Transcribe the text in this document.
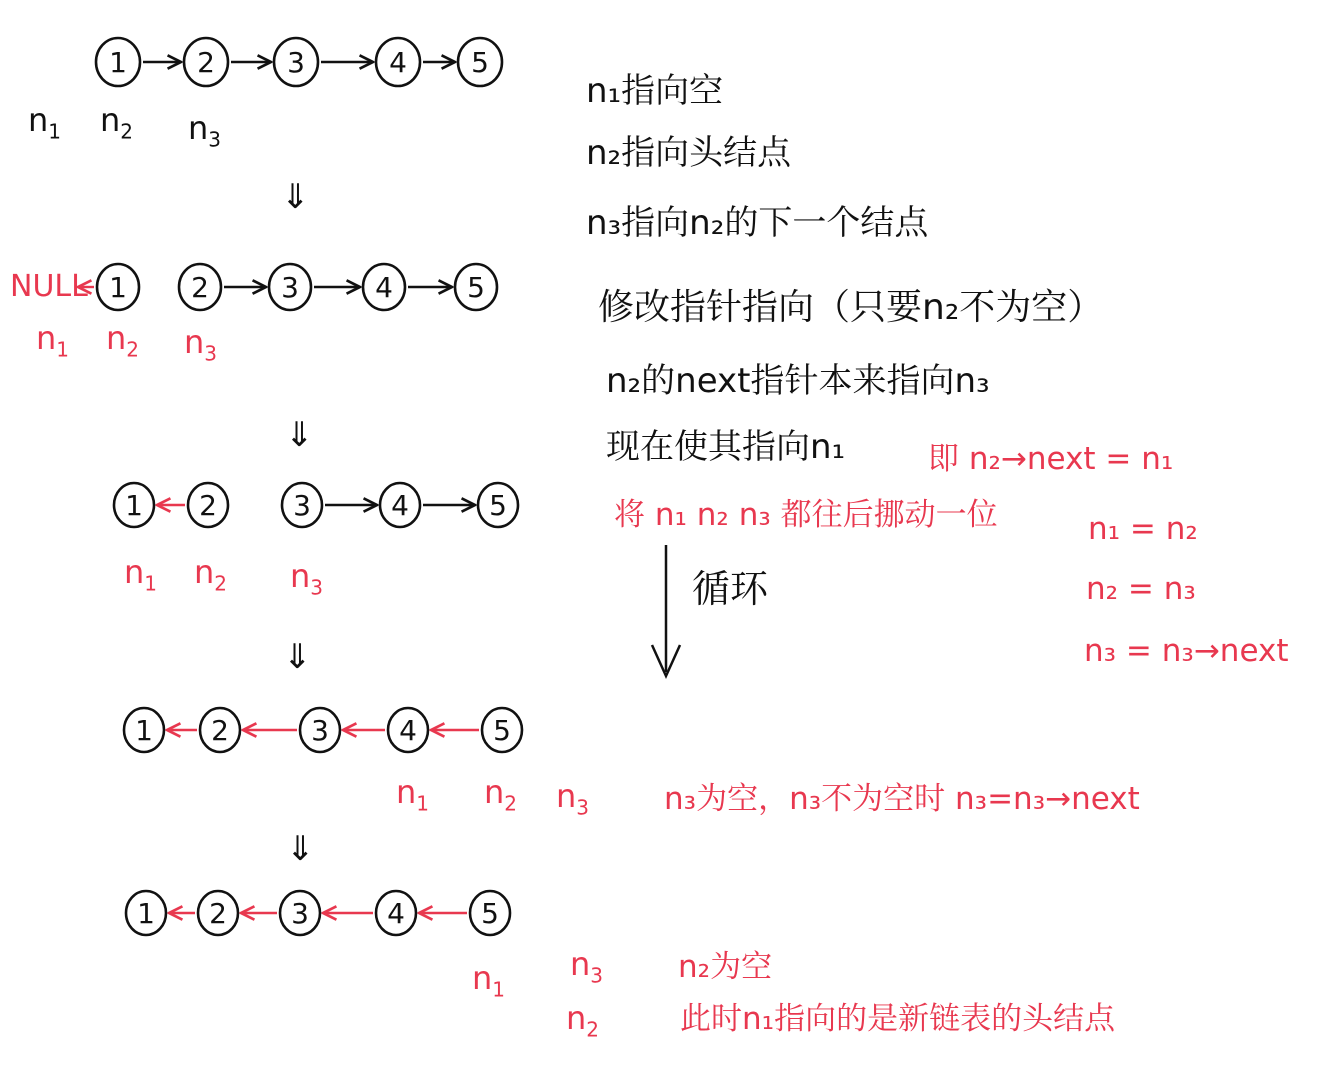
1	2	3	4 5
1 2	3	4	5
1 2	3	4	5
1 2	3	4	5
1 2 3	4	5
NULL
$n_1$ $n_2$ $n_3$
$n_1$ $n_2$ $n_3$
$n_1$ $n_2$ $n_3$
$n_1$ $n_2$ $n_3$
$n_1$
$n_2$
$n_3$
⇓
⇓
⇓
⇓
n₁指向空
n₂指向头结点
n₃指向n₂的下一个结点
修改指针指向（只要n₂不为空）
n₂的next指针本来指向n₃
现在使其指向n₁	即 n₂→next = n₁
将 n₁ n₂ n₃ 都往后挪动一位	n₁ = n₂
n₂ = n₃
n₃ = n₃→next
循环
n₃为空，n₃不为空时 n₃=n₃→next
n₂为空
此时n₁指向的是新链表的头结点
